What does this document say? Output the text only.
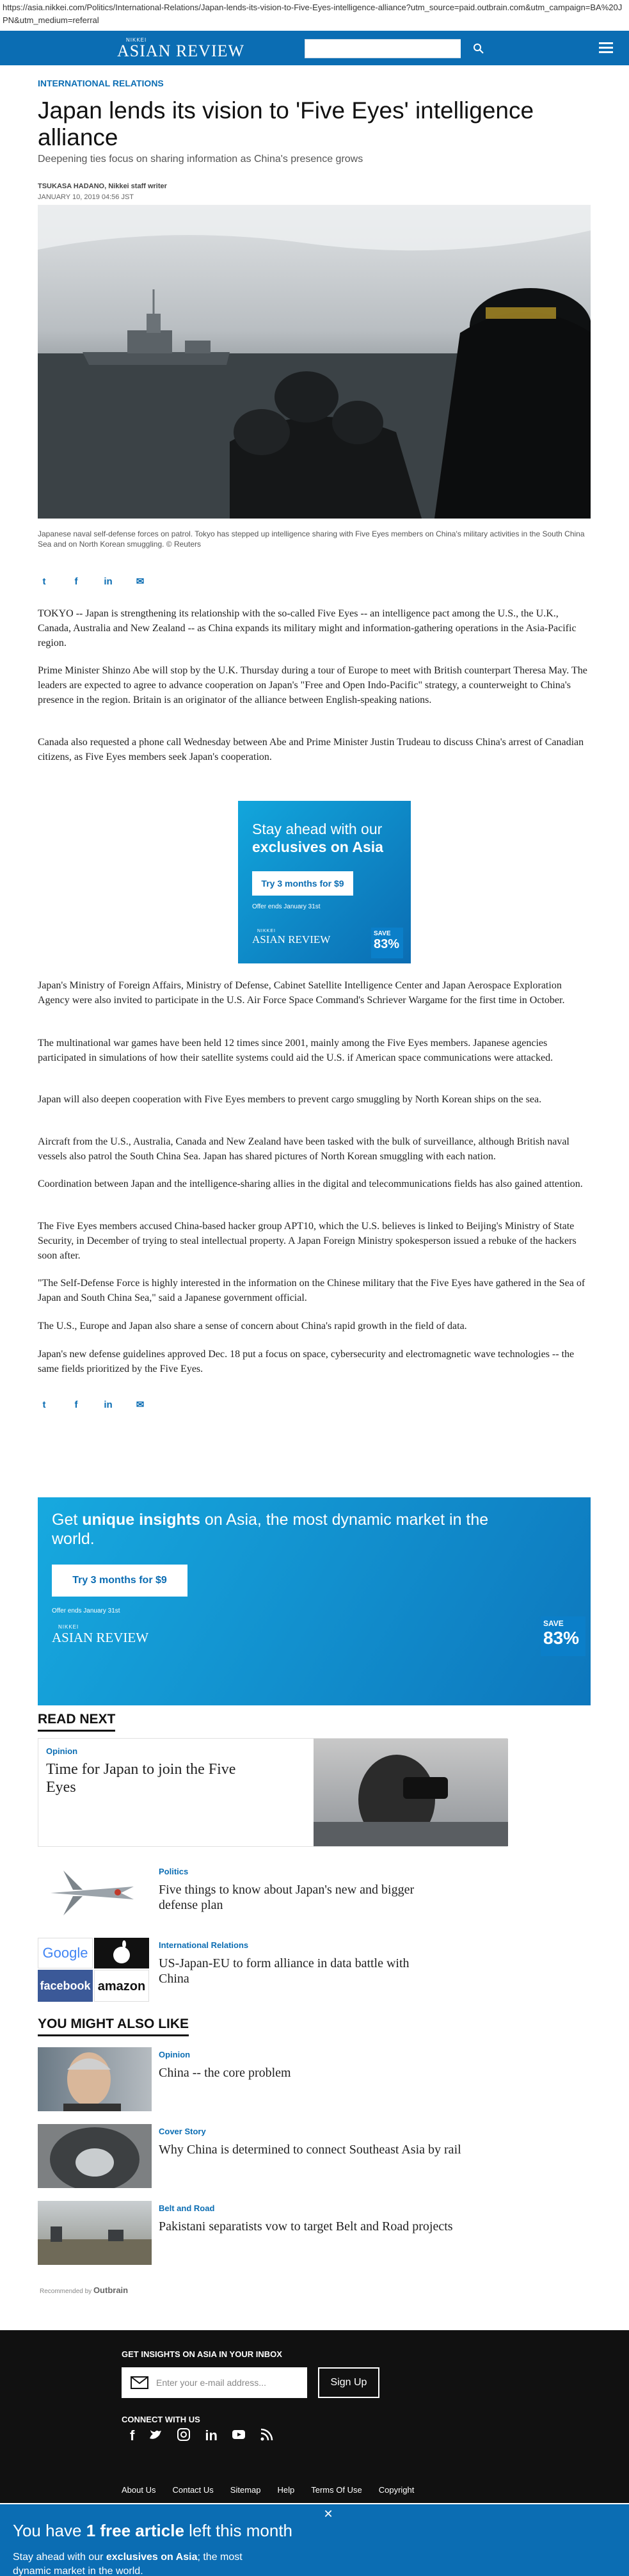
https://asia.nikkei.com/Politics/International-Relations/Japan-lends-its-vision-to-Five-Eyes-intelligence-alliance?utm_source=paid.outbrain.com&utm_campaign=BA%20JPN&utm_medium=referral
NIKKEI
ASIAN REVIEW
INTERNATIONAL RELATIONS
Japan lends its vision to 'Five Eyes' intelligence alliance
Deepening ties focus on sharing information as China's presence grows
TSUKASA HADANO, Nikkei staff writer
JANUARY 10, 2019 04:56 JST
Japanese naval self-defense forces on patrol. Tokyo has stepped up intelligence sharing with Five Eyes members on China's military activities in the South China Sea and on North Korean smuggling. © Reuters
t	f	in ✉

TOKYO -- Japan is strengthening its relationship with the so-called Five Eyes -- an intelligence pact among the U.S., the U.K., Canada, Australia and New Zealand -- as China expands its military might and information-gathering operations in the Asia-Pacific region.

Prime Minister Shinzo Abe will stop by the U.K. Thursday during a tour of Europe to meet with British counterpart Theresa May. The leaders are expected to agree to advance cooperation on Japan's "Free and Open Indo-Pacific" strategy, a counterweight to China's presence in the region. Britain is an originator of the alliance between English-speaking nations.

Canada also requested a phone call Wednesday between Abe and Prime Minister Justin Trudeau to discuss China's arrest of Canadian citizens, as Five Eyes members seek Japan's cooperation.

Stay ahead with our
exclusives on Asia
Try 3 months for $9
Offer ends January 31st
NIKKEI
ASIAN REVIEW	SAVE
83%

Japan's Ministry of Foreign Affairs, Ministry of Defense, Cabinet Satellite Intelligence Center and Japan Aerospace Exploration Agency were also invited to participate in the U.S. Air Force Space Command's Schriever Wargame for the first time in October.

The multinational war games have been held 12 times since 2001, mainly among the Five Eyes members. Japanese agencies participated in simulations of how their satellite systems could aid the U.S. if American space communications were attacked.

Japan will also deepen cooperation with Five Eyes members to prevent cargo smuggling by North Korean ships on the sea.

Aircraft from the U.S., Australia, Canada and New Zealand have been tasked with the bulk of surveillance, although British naval vessels also patrol the South China Sea. Japan has shared pictures of North Korean smuggling with each nation.

Coordination between Japan and the intelligence-sharing allies in the digital and telecommunications fields has also gained attention.

The Five Eyes members accused China-based hacker group APT10, which the U.S. believes is linked to Beijing's Ministry of State Security, in December of trying to steal intellectual property. A Japan Foreign Ministry spokesperson issued a rebuke of the hackers soon after.

"The Self-Defense Force is highly interested in the information on the Chinese military that the Five Eyes have gathered in the Sea of Japan and South China Sea," said a Japanese government official.

The U.S., Europe and Japan also share a sense of concern about China's rapid growth in the field of data.

Japan's new defense guidelines approved Dec. 18 put a focus on space, cybersecurity and electromagnetic wave technologies -- the same fields prioritized by the Five Eyes.

t	f	in ✉
Get unique insights on Asia, the most dynamic market in the
world.
Try 3 months for $9
Offer ends January 31st
NIKKEI
ASIAN REVIEW
SAVE
83%
READ NEXT
Opinion
Time for Japan to join the Five Eyes
Politics
Five things to know about Japan's new and bigger defense plan
Google
facebook amazon
International Relations
US-Japan-EU to form alliance in data battle with China
YOU MIGHT ALSO LIKE
Opinion
China -- the core problem
Cover Story
Why China is determined to connect Southeast Asia by rail
Belt and Road
Pakistani separatists vow to target Belt and Road projects
Recommended by Outbrain
GET INSIGHTS ON ASIA IN YOUR INBOX
Enter your e-mail address...	Sign Up
CONNECT WITH US
f	in
About Us Contact Us Sitemap Help Terms Of Use Copyright
You have 1 free article left this month
Stay ahead with our exclusives on Asia; the most
dynamic market in the world.
✕
